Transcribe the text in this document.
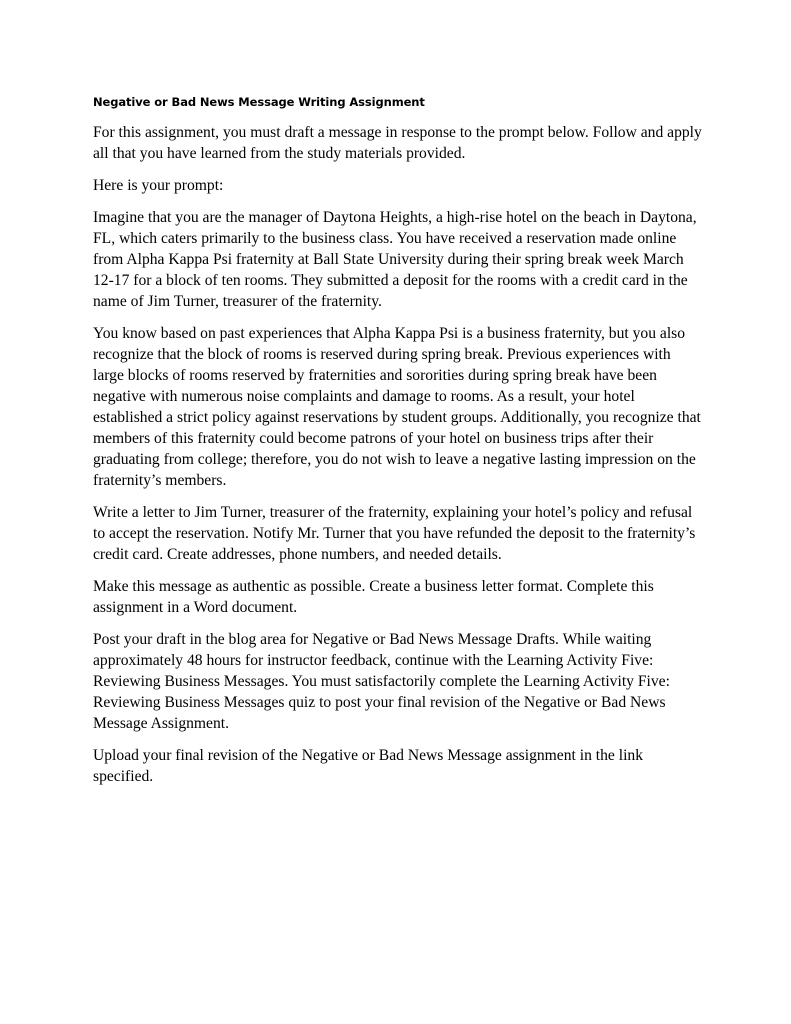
Negative or Bad News Message Writing Assignment

For this assignment, you must draft a message in response to the prompt below. Follow and apply all that you have learned from the study materials provided.

Here is your prompt:

Imagine that you are the manager of Daytona Heights, a high-rise hotel on the beach in Daytona, FL, which caters primarily to the business class. You have received a reservation made online from Alpha Kappa Psi fraternity at Ball State University during their spring break week March 12-17 for a block of ten rooms. They submitted a deposit for the rooms with a credit card in the name of Jim Turner, treasurer of the fraternity.

You know based on past experiences that Alpha Kappa Psi is a business fraternity, but you also recognize that the block of rooms is reserved during spring break. Previous experiences with large blocks of rooms reserved by fraternities and sororities during spring break have been negative with numerous noise complaints and damage to rooms. As a result, your hotel established a strict policy against reservations by student groups. Additionally, you recognize that members of this fraternity could become patrons of your hotel on business trips after their graduating from college; therefore, you do not wish to leave a negative lasting impression on the fraternity’s members.

Write a letter to Jim Turner, treasurer of the fraternity, explaining your hotel’s policy and refusal to accept the reservation. Notify Mr. Turner that you have refunded the deposit to the fraternity’s credit card. Create addresses, phone numbers, and needed details.

Make this message as authentic as possible. Create a business letter format. Complete this assignment in a Word document.

Post your draft in the blog area for Negative or Bad News Message Drafts. While waiting approximately 48 hours for instructor feedback, continue with the Learning Activity Five: Reviewing Business Messages. You must satisfactorily complete the Learning Activity Five: Reviewing Business Messages quiz to post your final revision of the Negative or Bad News Message Assignment.

Upload your final revision of the Negative or Bad News Message assignment in the link specified.
